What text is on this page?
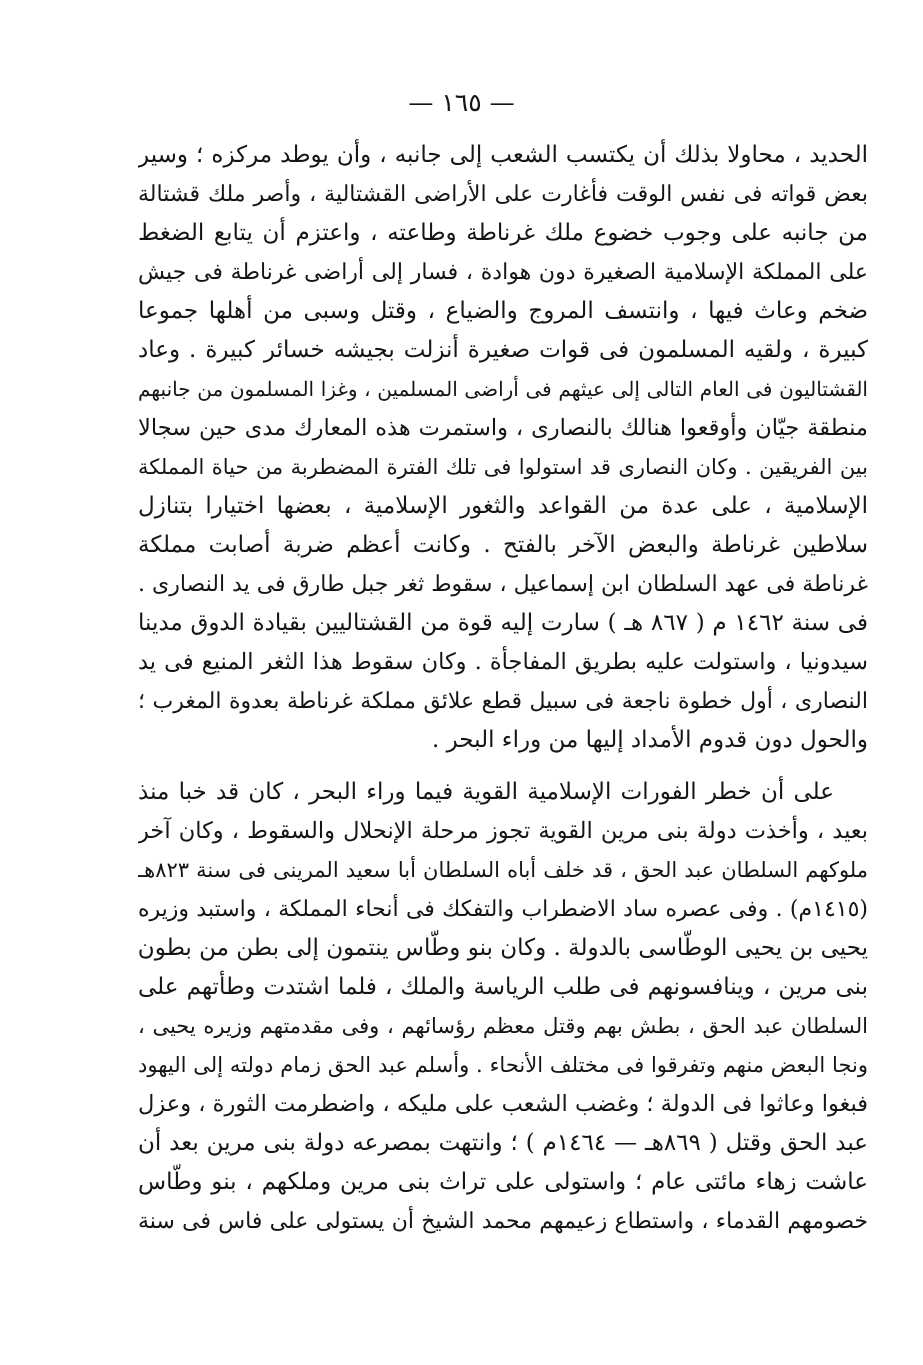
— ١٦٥ —
الحديد ، محاولا بذلك أن يكتسب الشعب إلى جانبه ، وأن يوطد مركزه ؛ وسير
بعض قواته فى نفس الوقت فأغارت على الأراضى القشتالية ، وأصر ملك قشتالة
من جانبه على وجوب خضوع ملك غرناطة وطاعته ، واعتزم أن يتابع الضغط
على المملكة الإسلامية الصغيرة دون هوادة ، فسار إلى أراضى غرناطة فى جيش
ضخم وعاث فيها ، وانتسف المروج والضياع ، وقتل وسبى من أهلها جموعا
كبيرة ، ولقيه المسلمون فى قوات صغيرة أنزلت بجيشه خسائر كبيرة . وعاد
القشتاليون فى العام التالى إلى عيثهم فى أراضى المسلمين ، وغزا المسلمون من جانبهم
منطقة جيّان وأوقعوا هنالك بالنصارى ، واستمرت هذه المعارك مدى حين سجالا
بين الفريقين . وكان النصارى قد استولوا فى تلك الفترة المضطربة من حياة المملكة
الإسلامية ، على عدة من القواعد والثغور الإسلامية ، بعضها اختيارا بتنازل
سلاطين غرناطة والبعض الآخر بالفتح . وكانت أعظم ضربة أصابت مملكة
غرناطة فى عهد السلطان ابن إسماعيل ، سقوط ثغر جبل طارق فى يد النصارى .
فى سنة ١٤٦٢ م ( ٨٦٧ هـ ) سارت إليه قوة من القشتاليين بقيادة الدوق مدينا
سيدونيا ، واستولت عليه بطريق المفاجأة . وكان سقوط هذا الثغر المنيع فى يد
النصارى ، أول خطوة ناجعة فى سبيل قطع علائق مملكة غرناطة بعدوة المغرب ؛
والحول دون قدوم الأمداد إليها من وراء البحر .
على أن خطر الفورات الإسلامية القوية فيما وراء البحر ، كان قد خبا منذ
بعيد ، وأخذت دولة بنى مرين القوية تجوز مرحلة الإنحلال والسقوط ، وكان آخر
ملوكهم السلطان عبد الحق ، قد خلف أباه السلطان أبا سعيد المرينى فى سنة ٨٢٣هـ
(١٤١٥م) . وفى عصره ساد الاضطراب والتفكك فى أنحاء المملكة ، واستبد وزيره
يحيى بن يحيى الوطّاسى بالدولة . وكان بنو وطّاس ينتمون إلى بطن من بطون
بنى مرين ، وينافسونهم فى طلب الرياسة والملك ، فلما اشتدت وطأتهم على
السلطان عبد الحق ، بطش بهم وقتل معظم رؤسائهم ، وفى مقدمتهم وزيره يحيى ،
ونجا البعض منهم وتفرقوا فى مختلف الأنحاء . وأسلم عبد الحق زمام دولته إلى اليهود
فبغوا وعاثوا فى الدولة ؛ وغضب الشعب على مليكه ، واضطرمت الثورة ، وعزل
عبد الحق وقتل ( ٨٦٩هـ — ١٤٦٤م ) ؛ وانتهت بمصرعه دولة بنى مرين بعد أن
عاشت زهاء مائتى عام ؛ واستولى على تراث بنى مرين وملكهم ، بنو وطّاس
خصومهم القدماء ، واستطاع زعيمهم محمد الشيخ أن يستولى على فاس فى سنة
